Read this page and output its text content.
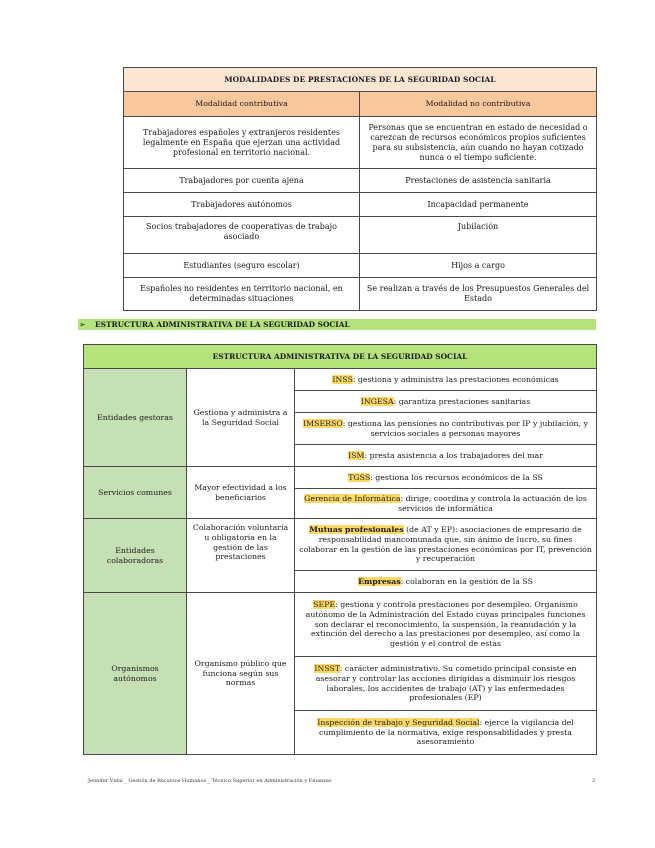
MODALIDADES DE PRESTACIONES DE LA SEGURIDAD SOCIAL	
Modalidad contributiva	Modalidad no contributiva
Trabajadores españoles y extranjeros residentes legalmente en España que ejerzan una actividad profesional en territorio nacional.	Personas que se encuentran en estado de necesidad o carezcan de recursos económicos propios suficientes para su subsistencia, aún cuando no hayan cotizado nunca o el tiempo suficiente.
Trabajadores por cuenta ajena	Prestaciones de asistencia sanitaria
Trabajadores autónomos	Incapacidad permanente
Socios trabajadores de cooperativas de trabajo asociado	Jubilación
Estudiantes (seguro escolar)	Hijos a cargo
Españoles no residentes en territorio nacional, en determinadas situaciones	Se realizan a través de los Presupuestos Generales del Estado
➢ ESTRUCTURA ADMINISTRATIVA DE LA SEGURIDAD SOCIAL
ESTRUCTURA ADMINISTRATIVA DE LA SEGURIDAD SOCIAL		
Entidades gestoras	Gestiona y administra a la Seguridad Social	INSS: gestiona y administra las prestaciones económicas
		INGESA: garantiza prestaciones sanitarias
		IMSERSO: gestiona las pensiones no contributivas por IP y jubilación, y servicios sociales a personas mayores
		ISM: presta asistencia a los trabajadores del mar
Servicios comunes	Mayor efectividad a los beneficiarios	TGSS: gestiona los recursos económicos de la SS
		Gerencia de Informática: dirige, coordina y controla la actuación de los servicios de informática
Entidades colaboradoras	Colaboración voluntaria u obligatoria en la gestión de las prestaciones	Mutuas profesionales (de AT y EP): asociaciones de empresario de responsabilidad mancomunada que, sin ánimo de lucro, su fines colaborar en la gestión de las prestaciones económicas por IT, prevención y recuperación
		Empresas: colaboran en la gestión de la SS
Organismos autónomos	Organismo público que funciona según sus normas	SEPE: gestiona y controla prestaciones por desempleo. Organismo autónomo de la Administración del Estado cuyas principales funciones son declarar el reconocimiento, la suspensión, la reanudación y la extinción del derecho a las prestaciones por desempleo, así como la gestión y el control de estas
		INSST: carácter administrativo. Su cometido principal consiste en asesorar y controlar las acciones dirigidas a disminuir los riesgos laborales, los accidentes de trabajo (AT) y las enfermedades profesionales (EP)
		Inspección de trabajo y Seguridad Social: ejerce la vigilancia del cumplimiento de la normativa, exige responsabilidades y presta asesoramiento
Jennifer Vidal _ Gestión de Recursos Humanos _ Técnico Superior en Administración y Finanzas	2
